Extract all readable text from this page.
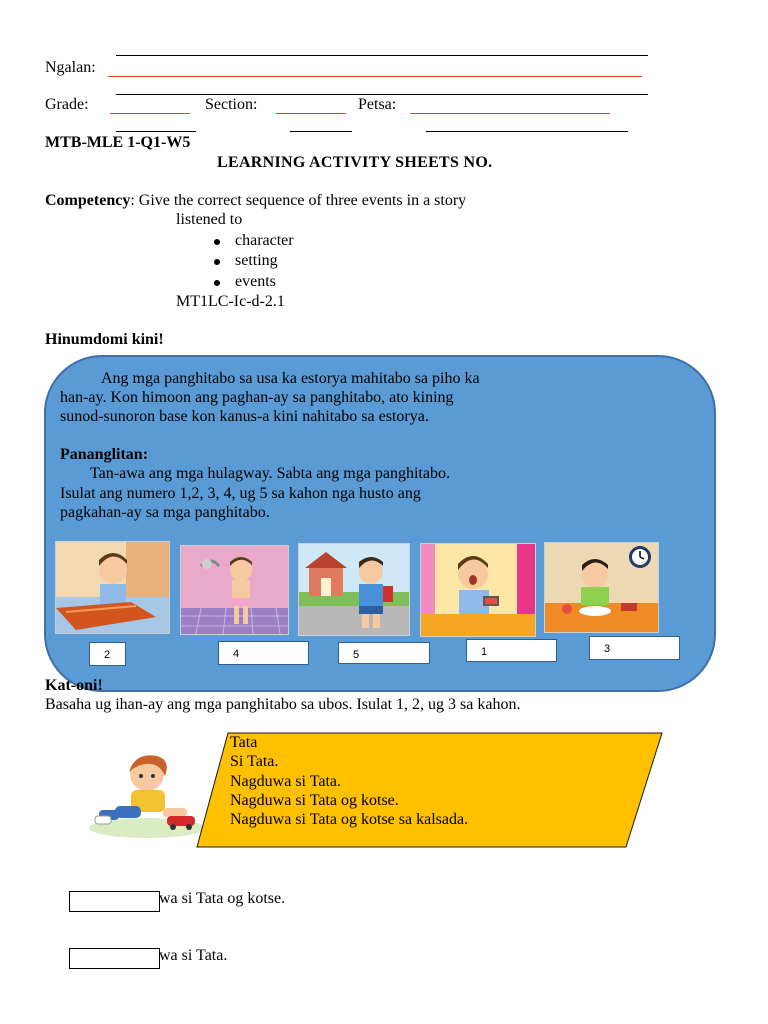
Ngalan:
Grade:	Section:	Petsa:
MTB-MLE 1-Q1-W5
LEARNING ACTIVITY SHEETS NO.
Competency: Give the correct sequence of three events in a story
listened to
character
setting
events
MT1LC-Ic-d-2.1
Hinumdomi kini!
Ang mga panghitabo sa usa ka estorya mahitabo sa piho ka
han-ay. Kon himoon ang paghan-ay sa panghitabo, ato kining
sunod-sunoron base kon kanus-a kini nahitabo sa estorya.
Pananglitan:
Tan-awa ang mga hulagway. Sabta ang mga panghitabo.
Isulat ang numero 1,2, 3, 4, ug 5 sa kahon nga husto ang
pagkahan-ay sa mga panghitabo.
2	4	5	1	3
Kat-oni!
Basaha ug ihan-ay ang mga panghitabo sa ubos. Isulat 1, 2, ug 3 sa kahon.
Tata
Si Tata.
Nagduwa si Tata.
Nagduwa si Tata og kotse.
Nagduwa si Tata og kotse sa kalsada.
wa si Tata og kotse.
wa si Tata.
